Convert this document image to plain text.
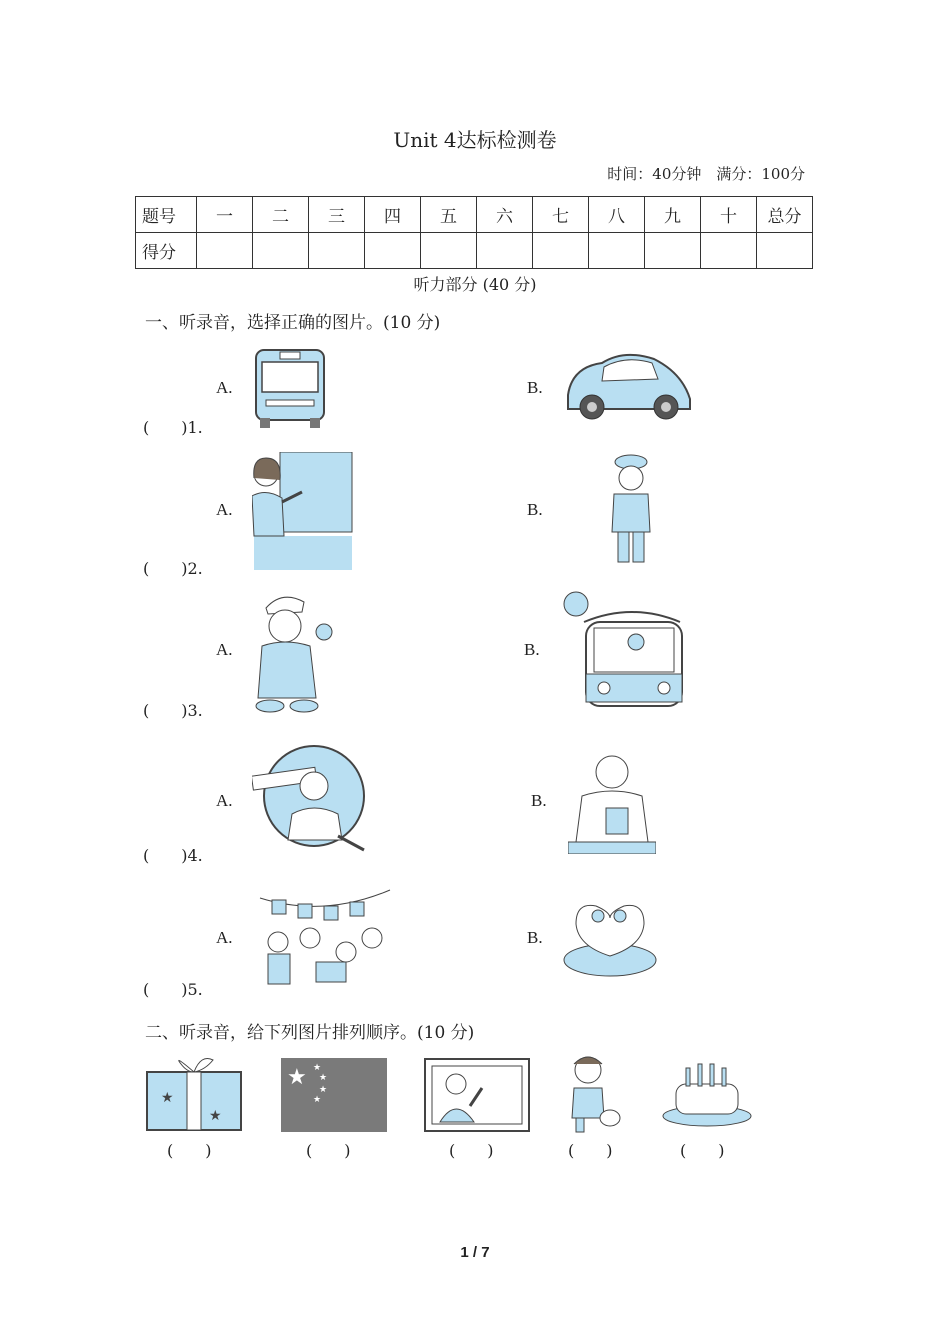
Unit 4达标检测卷
时间：40分钟　满分：100分
题号	一	二	三	四	五	六	七	八	九	十	总分
得分											
听力部分 (40 分)
一、听录音，选择正确的图片。(10 分)
A.	B.
(　　)1.
A.	B.
(　　)2.
A.	B.
(　　)3.
A.	B.
(　　)4.
A.	B.
(　　)5.
二、听录音，给下列图片排列顺序。(10 分)
★
★
(　　)
★ ★
★
★
★
(　　)	(　　)	(　　)	(　　)
1 / 7
